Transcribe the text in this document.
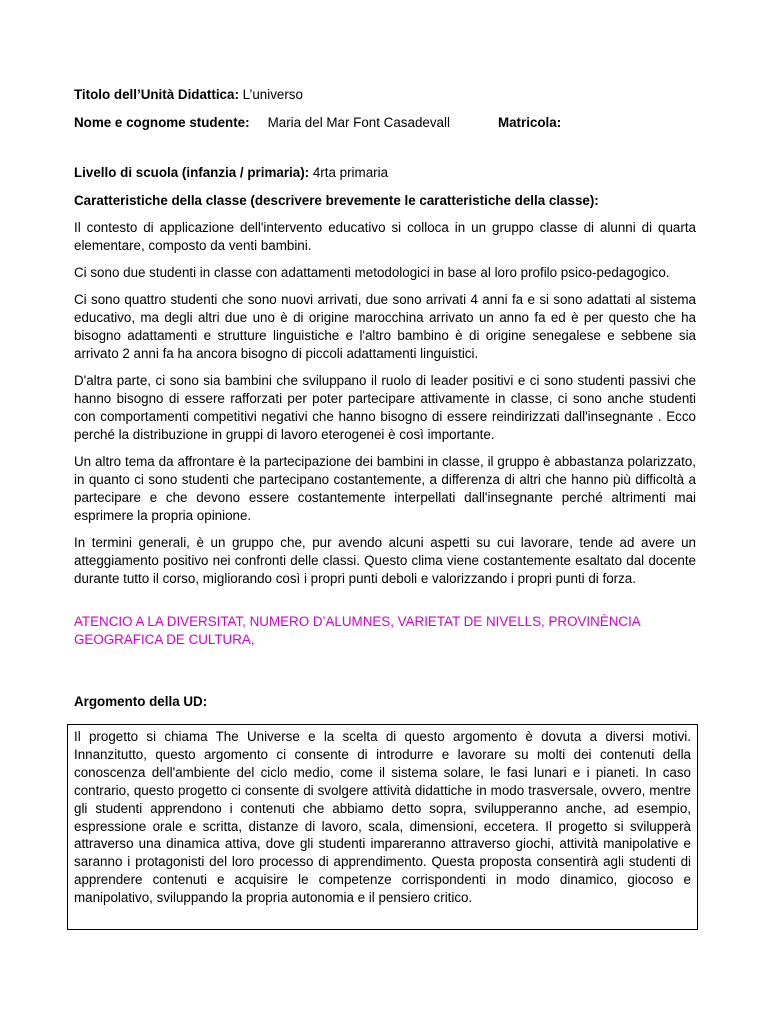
Titolo dell’Unità Didattica: L’universo

Nome e cognome studente: Maria del Mar Font Casadevall	Matricola:

Livello di scuola (infanzia / primaria): 4rta primaria

Caratteristiche della classe (descrivere brevemente le caratteristiche della classe):

Il contesto di applicazione dell'intervento educativo si colloca in un gruppo classe di alunni di quarta elementare, composto da venti bambini.

Ci sono due studenti in classe con adattamenti metodologici in base al loro profilo psico-pedagogico.

Ci sono quattro studenti che sono nuovi arrivati, due sono arrivati 4 anni fa e si sono adattati al sistema educativo, ma degli altri due uno è di origine marocchina arrivato un anno fa ed è per questo che ha bisogno adattamenti e strutture linguistiche e l'altro bambino è di origine senegalese e sebbene sia arrivato 2 anni fa ha ancora bisogno di piccoli adattamenti linguistici.

D'altra parte, ci sono sia bambini che sviluppano il ruolo di leader positivi e ci sono studenti passivi che hanno bisogno di essere rafforzati per poter partecipare attivamente in classe, ci sono anche studenti con comportamenti competitivi negativi che hanno bisogno di essere reindirizzati dall'insegnante . Ecco perché la distribuzione in gruppi di lavoro eterogenei è così importante.

Un altro tema da affrontare è la partecipazione dei bambini in classe, il gruppo è abbastanza polarizzato, in quanto ci sono studenti che partecipano costantemente, a differenza di altri che hanno più difficoltà a partecipare e che devono essere costantemente interpellati dall'insegnante perché altrimenti mai esprimere la propria opinione.

In termini generali, è un gruppo che, pur avendo alcuni aspetti su cui lavorare, tende ad avere un atteggiamento positivo nei confronti delle classi. Questo clima viene costantemente esaltato dal docente durante tutto il corso, migliorando così i propri punti deboli e valorizzando i propri punti di forza.

ATENCIO A LA DIVERSITAT, NUMERO D’ALUMNES, VARIETAT DE NIVELLS, PROVINÈNCIA GEOGRAFICA DE CULTURA,

Argomento della UD:

Il progetto si chiama The Universe e la scelta di questo argomento è dovuta a diversi motivi. Innanzitutto, questo argomento ci consente di introdurre e lavorare su molti dei contenuti della conoscenza dell'ambiente del ciclo medio, come il sistema solare, le fasi lunari e i pianeti. In caso contrario, questo progetto ci consente di svolgere attività didattiche in modo trasversale, ovvero, mentre gli studenti apprendono i contenuti che abbiamo detto sopra, svilupperanno anche, ad esempio, espressione orale e scritta, distanze di lavoro, scala, dimensioni, eccetera. Il progetto si svilupperà attraverso una dinamica attiva, dove gli studenti impareranno attraverso giochi, attività manipolative e saranno i protagonisti del loro processo di apprendimento. Questa proposta consentirà agli studenti di apprendere contenuti e acquisire le competenze corrispondenti in modo dinamico, giocoso e manipolativo, sviluppando la propria autonomia e il pensiero critico.
